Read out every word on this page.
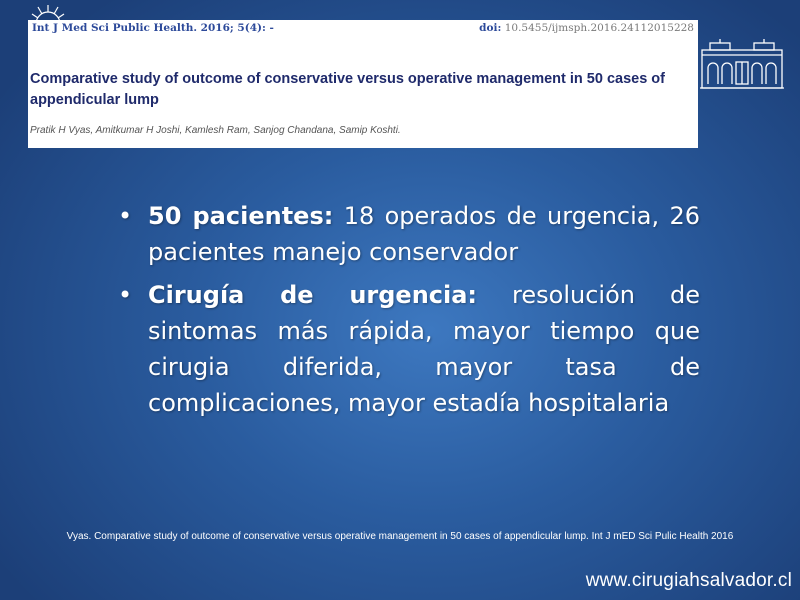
Int J Med Sci Public Health. 2016; 5(4): -	doi: 10.5455/ijmsph.2016.24112015228
Comparative study of outcome of conservative versus operative management in 50 cases of appendicular lump
Pratik H Vyas, Amitkumar H Joshi, Kamlesh Ram, Sanjog Chandana, Samip Koshti.
• 50 pacientes: 18 operados de urgencia, 26 pacientes manejo conservador
• Cirugía de urgencia: resolución de sintomas más rápida, mayor tiempo que cirugia diferida, mayor tasa de complicaciones, mayor estadía hospitalaria
Vyas. Comparative study of outcome of conservative versus operative management in 50 cases of appendicular lump. Int J mED Sci Pulic Health 2016
www.cirugiahsalvador.cl
